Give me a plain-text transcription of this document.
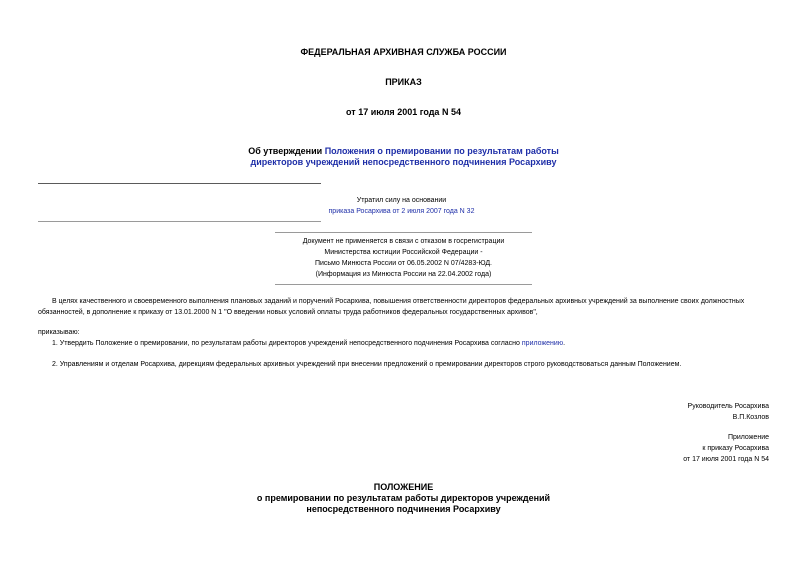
ФЕДЕРАЛЬНАЯ АРХИВНАЯ СЛУЖБА РОССИИ
ПРИКАЗ
от 17 июля 2001 года N 54
Об утверждении Положения о премировании по результатам работы
директоров учреждений непосредственного подчинения Росархиву
Утратил силу на основании
приказа Росархива от 2 июля 2007 года N 32
Документ не применяется в связи с отказом в госрегистрации
Министерства юстиции Российской Федерации -
Письмо Минюста России от 06.05.2002 N 07/4283-ЮД.
(Информация из Минюста России на 22.04.2002 года)
В целях качественного и своевременного выполнения плановых заданий и поручений Росархива, повышения ответственности директоров федеральных архивных учреждений за выполнение своих должностных
обязанностей, в дополнение к приказу от 13.01.2000 N 1 "О введении новых условий оплаты труда работников федеральных государственных архивов",
приказываю:
1. Утвердить Положение о премировании, по результатам работы директоров учреждений непосредственного подчинения Росархива согласно приложению.
2. Управлениям и отделам Росархива, дирекциям федеральных архивных учреждений при внесении предложений о премировании директоров строго руководствоваться данным Положением.
Руководитель Росархива
В.П.Козлов
Приложение
к приказу Росархива
от 17 июля 2001 года N 54
ПОЛОЖЕНИЕ
о премировании по результатам работы директоров учреждений
непосредственного подчинения Росархиву
